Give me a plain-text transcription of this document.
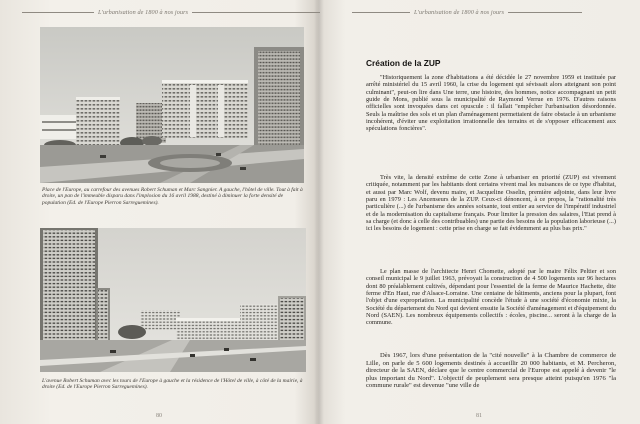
L'urbanisation de 1800 à nos jours	L'urbanisation de 1800 à nos jours
Place de l'Europe, au carrefour des avenues Robert Schuman et Marc Sangnier. A gauche, l'hôtel de ville. Tout à fait à droite, un pan de l'immeuble disparu dans l'implosion du 16 avril 1988, destiné à diminuer la forte densité de population (Ed. de l'Europe Pierron Sarreguemines).
L'avenue Robert Schuman avec les tours de l'Europe à gauche et la résidence de l'Hôtel de ville, à côté de la mairie, à droite (Ed. de l'Europe Pierron Sarreguemines).
80
Création de la ZUP

"Historiquement la zone d'habitations a été décidée le 27 novembre 1959 et instituée par arrêté ministériel du 15 avril 1960, la crise du logement qui sévissait alors atteignant son point culminant", peut-on lire dans Une terre, une histoire, des hommes, notice accompagnant un petit guide de Mons, publié sous la municipalité de Raymond Verrue en 1976. D'autres raisons officielles sont invoquées dans cet opuscule : il fallait "empêcher l'urbanisation désordonnée. Seuls la maîtrise des sols et un plan d'aménagement permettaient de faire obstacle à un urbanisme incohérent, d'éviter une exploitation irrationnelle des terrains et de s'opposer efficacement aux spéculations foncières".

Très vite, la densité extrême de cette Zone à urbaniser en priorité (ZUP) est vivement critiquée, notamment par les habitants dont certains vivent mal les nuisances de ce type d'habitat, et aussi par Marc Wolf, devenu maire, et Jacqueline Osselin, première adjointe, dans leur livre paru en 1979 : Les Ancenseurs de la ZUP. Ceux-ci dénoncent, à ce propos, la "rationalité très particulière (...) de l'urbanisme des années soixante, tout entier au service de l'impératif industriel et de la modernisation du capitalisme français. Pour limiter la pression des salaires, l'Etat prend à sa charge (et donc à celle des contribuables) une partie des besoins de la population laborieuse (...) ici les besoins de logement : cette prise en charge se fait évidemment au plus bas prix."

Le plan masse de l'architecte Henri Chomette, adopté par le maire Félix Peltier et son conseil municipal le 9 juillet 1963, prévoyait la construction de 4 500 logements sur 96 hectares dont 80 préalablement cultivés, dépendant pour l'essentiel de la ferme de Maurice Hachette, dite ferme d'En Haut, rue d'Alsace-Lorraine. Une centaine de bâtiments, anciens pour la plupart, font l'objet d'une expropriation. La municipalité concède l'étude à une société d'économie mixte, la Société du département du Nord qui devient ensuite la Société d'aménagement et d'équipement du Nord (SAEN). Les nombreux équipements collectifs : écoles, piscine... seront à la charge de la commune.

Dès 1967, lors d'une présentation de la "cité nouvelle" à la Chambre de commerce de Lille, on parle de 5 600 logements destinés à accueillir 20 000 habitants, et M. Percheron, directeur de la SAEN, déclare que le centre commercial de l'Europe est appelé à devenir "le plus important du Nord". L'objectif de peuplement sera presque atteint puisqu'en 1976 "la commune rurale" est devenue "une ville de

81
